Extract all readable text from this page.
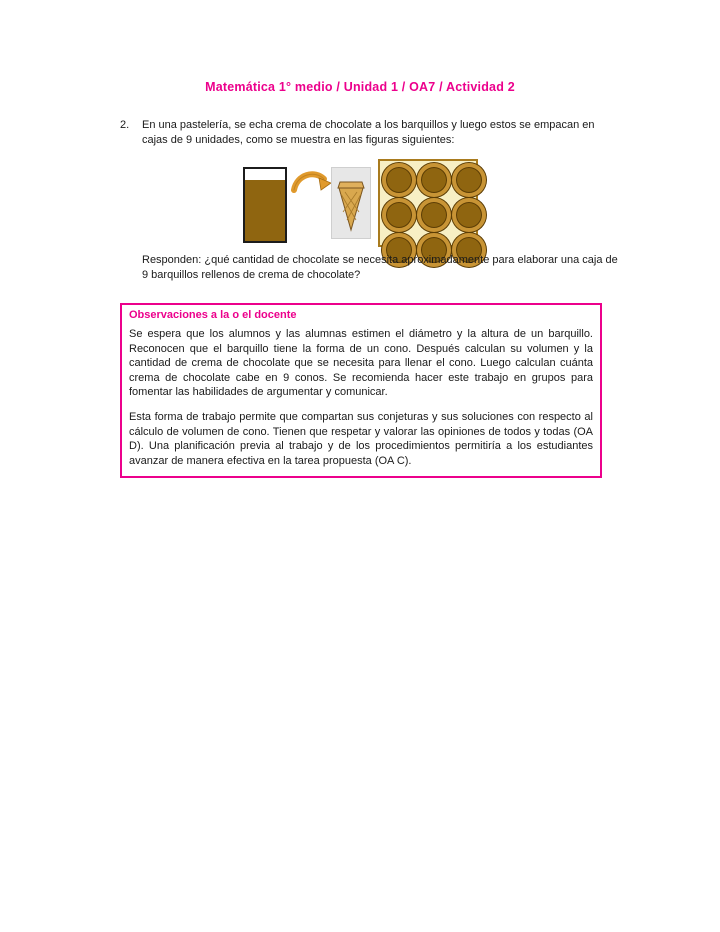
Matemática 1° medio / Unidad 1 / OA7 / Actividad 2
2.	En una pastelería, se echa crema de chocolate a los barquillos y luego estos se empacan en cajas de 9 unidades, como se muestra en las figuras siguientes:
Responden: ¿qué cantidad de chocolate se necesita aproximadamente para elaborar una caja de 9 barquillos rellenos de crema de chocolate?
Observaciones a la o el docente

Se espera que los alumnos y las alumnas estimen el diámetro y la altura de un barquillo. Reconocen que el barquillo tiene la forma de un cono. Después calculan su volumen y la cantidad de crema de chocolate que se necesita para llenar el cono. Luego calculan cuánta crema de chocolate cabe en 9 conos. Se recomienda hacer este trabajo en grupos para fomentar las habilidades de argumentar y comunicar.

Esta forma de trabajo permite que compartan sus conjeturas y sus soluciones con respecto al cálculo de volumen de cono. Tienen que respetar y valorar las opiniones de todos y todas (OA D). Una planificación previa al trabajo y de los procedimientos permitiría a los estudiantes avanzar de manera efectiva en la tarea propuesta (OA C).
